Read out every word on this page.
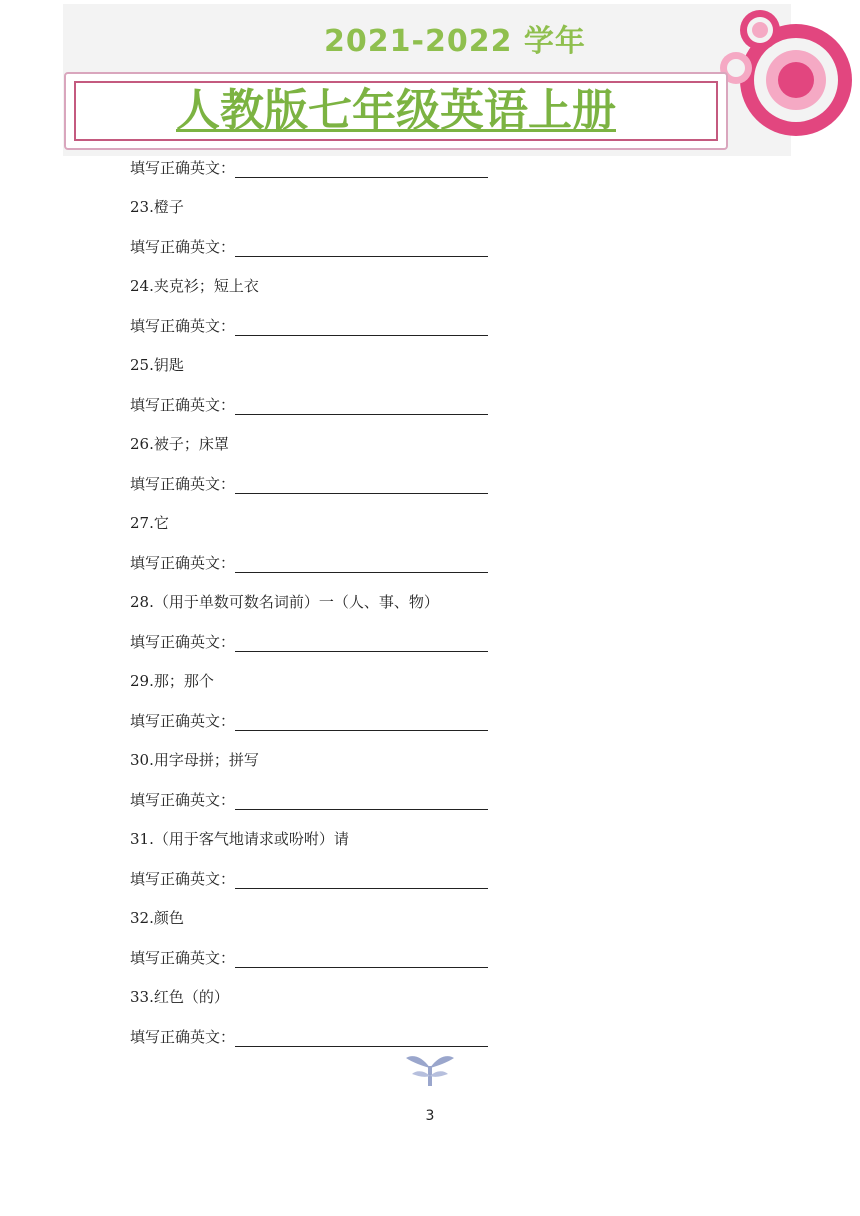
2021-2022 学年
人教版七年级英语上册
填写正确英文：
23.橙子
填写正确英文：
24.夹克衫；短上衣
填写正确英文：
25.钥匙
填写正确英文：
26.被子；床罩
填写正确英文：
27.它
填写正确英文：
28.（用于单数可数名词前）一（人、事、物）
填写正确英文：
29.那；那个
填写正确英文：
30.用字母拼；拼写
填写正确英文：
31.（用于客气地请求或吩咐）请
填写正确英文：
32.颜色
填写正确英文：
33.红色（的）
填写正确英文：
3
